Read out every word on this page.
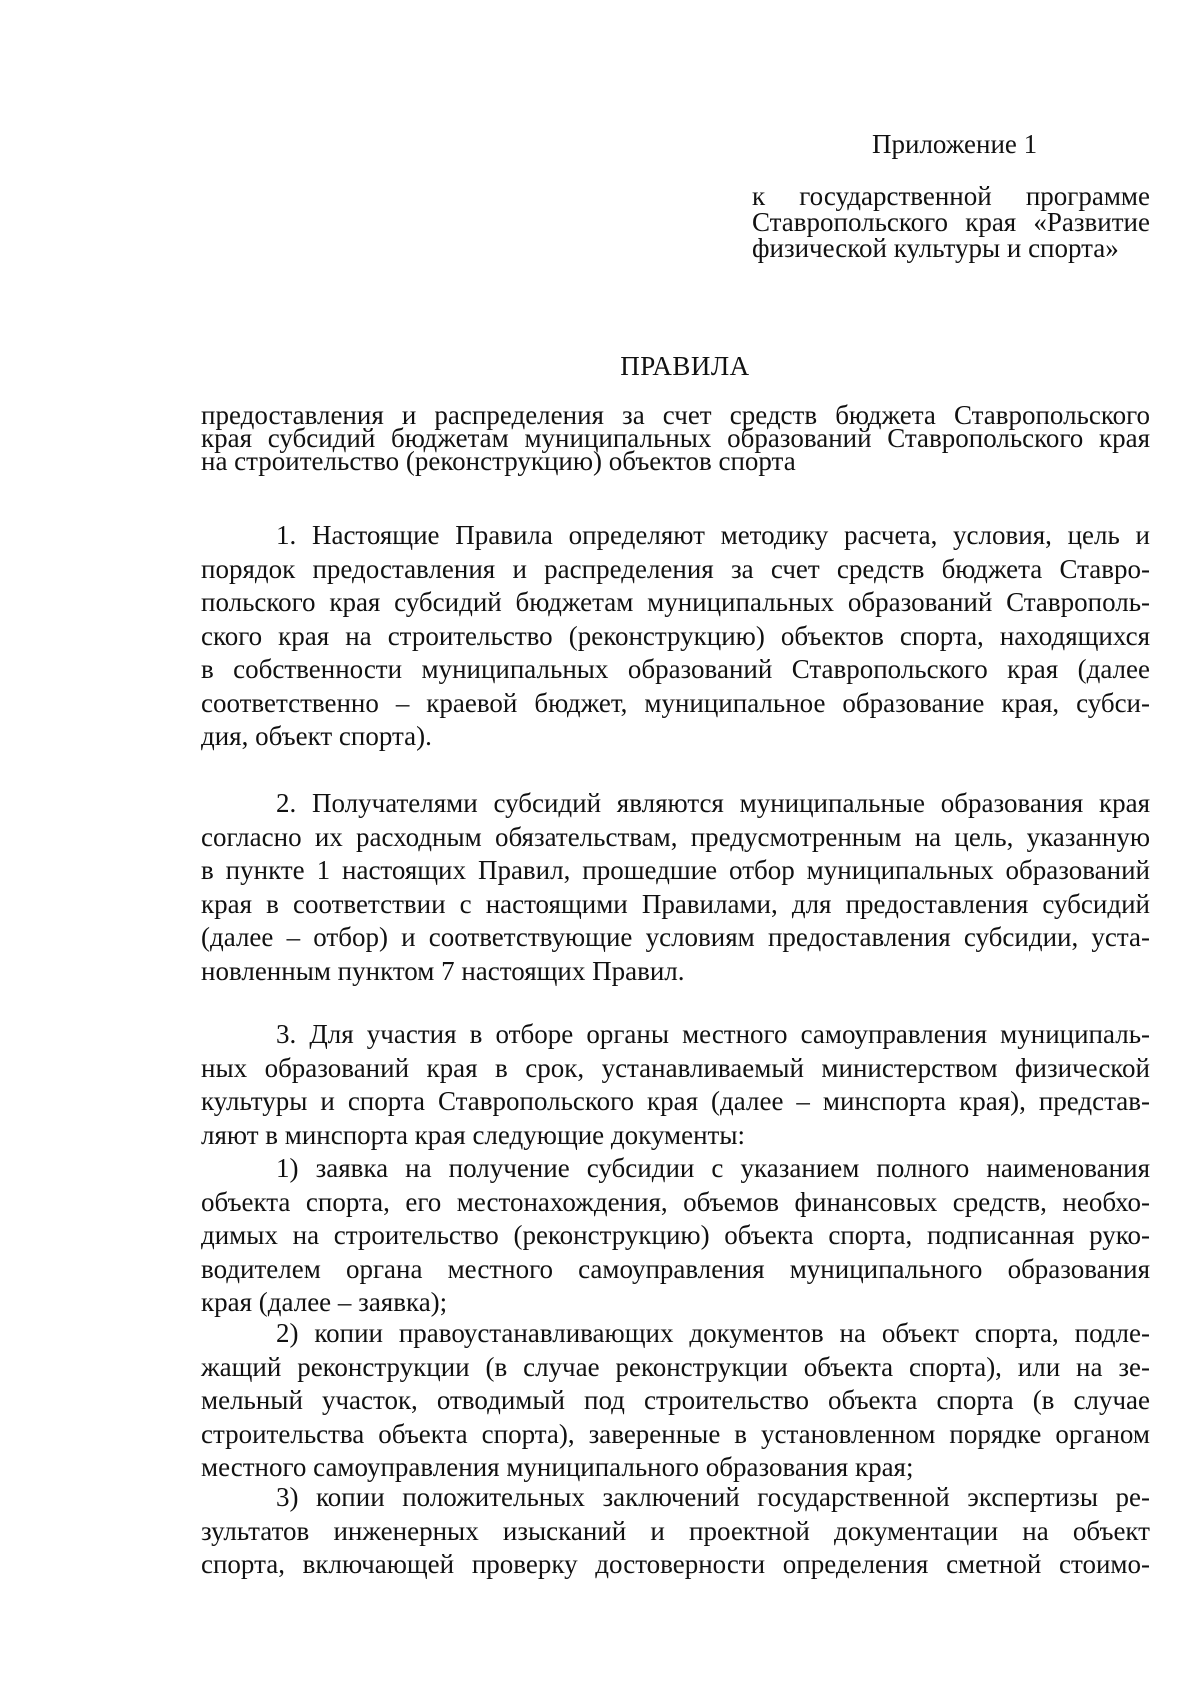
Приложение 1
к государственной программе
Ставропольского края «Развитие
физической культуры и спорта»
ПРАВИЛА
предоставления и распределения за счет средств бюджета Ставропольского
края субсидий бюджетам муниципальных образований Ставропольского края
на строительство (реконструкцию) объектов спорта
1. Настоящие Правила определяют методику расчета, условия, цель и
порядок предоставления и распределения за счет средств бюджета Ставро-
польского края субсидий бюджетам муниципальных образований Ставрополь-
ского края на строительство (реконструкцию) объектов спорта, находящихся
в собственности муниципальных образований Ставропольского края (далее
соответственно – краевой бюджет, муниципальное образование края, субси-
дия, объект спорта).
2. Получателями субсидий являются муниципальные образования края
согласно их расходным обязательствам, предусмотренным на цель, указанную
в пункте 1 настоящих Правил, прошедшие отбор муниципальных образований
края в соответствии с настоящими Правилами, для предоставления субсидий
(далее – отбор) и соответствующие условиям предоставления субсидии, уста-
новленным пунктом 7 настоящих Правил.
3. Для участия в отборе органы местного самоуправления муниципаль-
ных образований края в срок, устанавливаемый министерством физической
культуры и спорта Ставропольского края (далее – минспорта края), представ-
ляют в минспорта края следующие документы:
1) заявка на получение субсидии с указанием полного наименования
объекта спорта, его местонахождения, объемов финансовых средств, необхо-
димых на строительство (реконструкцию) объекта спорта, подписанная руко-
водителем органа местного самоуправления муниципального образования
края (далее – заявка);
2) копии правоустанавливающих документов на объект спорта, подле-
жащий реконструкции (в случае реконструкции объекта спорта), или на зе-
мельный участок, отводимый под строительство объекта спорта (в случае
строительства объекта спорта), заверенные в установленном порядке органом
местного самоуправления муниципального образования края;
3) копии положительных заключений государственной экспертизы ре-
зультатов инженерных изысканий и проектной документации на объект
спорта, включающей проверку достоверности определения сметной стоимо-
